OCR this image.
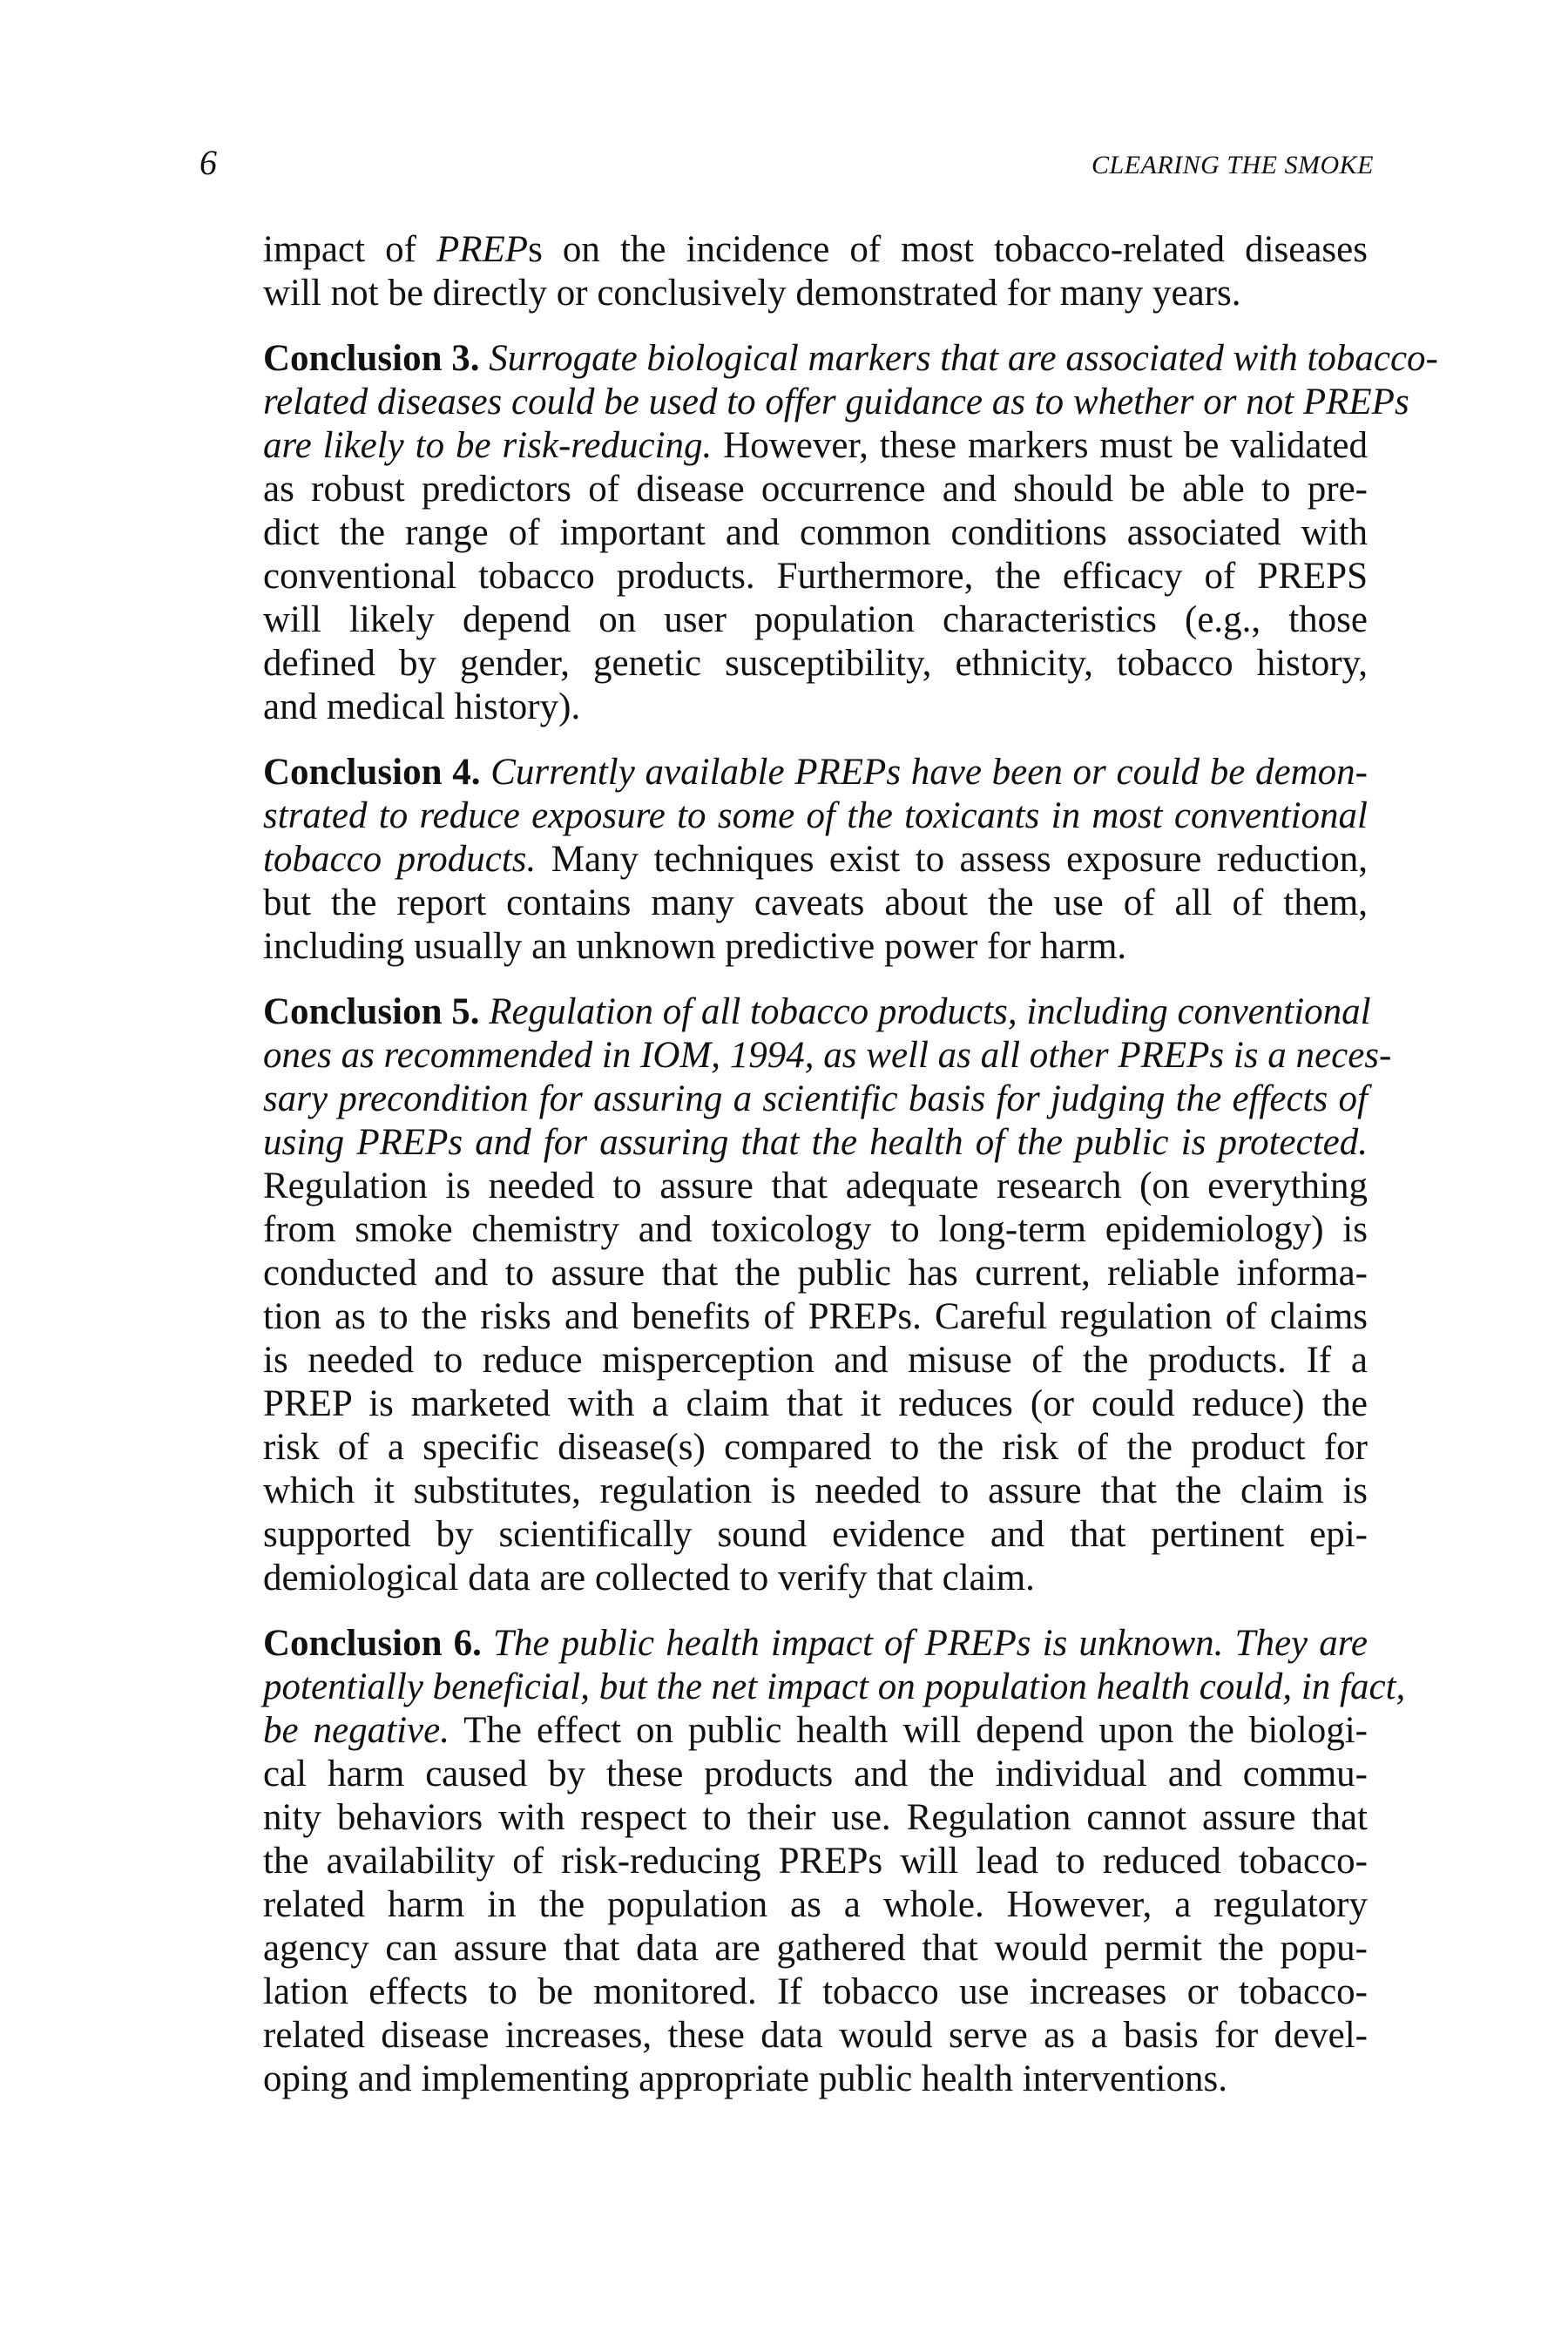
6	CLEARING THE SMOKE
impact of PREPs on the incidence of most tobacco-related diseases
will not be directly or conclusively demonstrated for many years.
Conclusion 3. Surrogate biological markers that are associated with tobacco-
related diseases could be used to offer guidance as to whether or not PREPs
are likely to be risk-reducing. However, these markers must be validated
as robust predictors of disease occurrence and should be able to pre-
dict the range of important and common conditions associated with
conventional tobacco products. Furthermore, the efficacy of PREPS
will likely depend on user population characteristics (e.g., those
defined by gender, genetic susceptibility, ethnicity, tobacco history,
and medical history).
Conclusion 4. Currently available PREPs have been or could be demon-
strated to reduce exposure to some of the toxicants in most conventional
tobacco products. Many techniques exist to assess exposure reduction,
but the report contains many caveats about the use of all of them,
including usually an unknown predictive power for harm.
Conclusion 5. Regulation of all tobacco products, including conventional
ones as recommended in IOM, 1994, as well as all other PREPs is a neces-
sary precondition for assuring a scientific basis for judging the effects of
using PREPs and for assuring that the health of the public is protected.
Regulation is needed to assure that adequate research (on everything
from smoke chemistry and toxicology to long-term epidemiology) is
conducted and to assure that the public has current, reliable informa-
tion as to the risks and benefits of PREPs. Careful regulation of claims
is needed to reduce misperception and misuse of the products. If a
PREP is marketed with a claim that it reduces (or could reduce) the
risk of a specific disease(s) compared to the risk of the product for
which it substitutes, regulation is needed to assure that the claim is
supported by scientifically sound evidence and that pertinent epi-
demiological data are collected to verify that claim.
Conclusion 6. The public health impact of PREPs is unknown. They are
potentially beneficial, but the net impact on population health could, in fact,
be negative. The effect on public health will depend upon the biologi-
cal harm caused by these products and the individual and commu-
nity behaviors with respect to their use. Regulation cannot assure that
the availability of risk-reducing PREPs will lead to reduced tobacco-
related harm in the population as a whole. However, a regulatory
agency can assure that data are gathered that would permit the popu-
lation effects to be monitored. If tobacco use increases or tobacco-
related disease increases, these data would serve as a basis for devel-
oping and implementing appropriate public health interventions.
